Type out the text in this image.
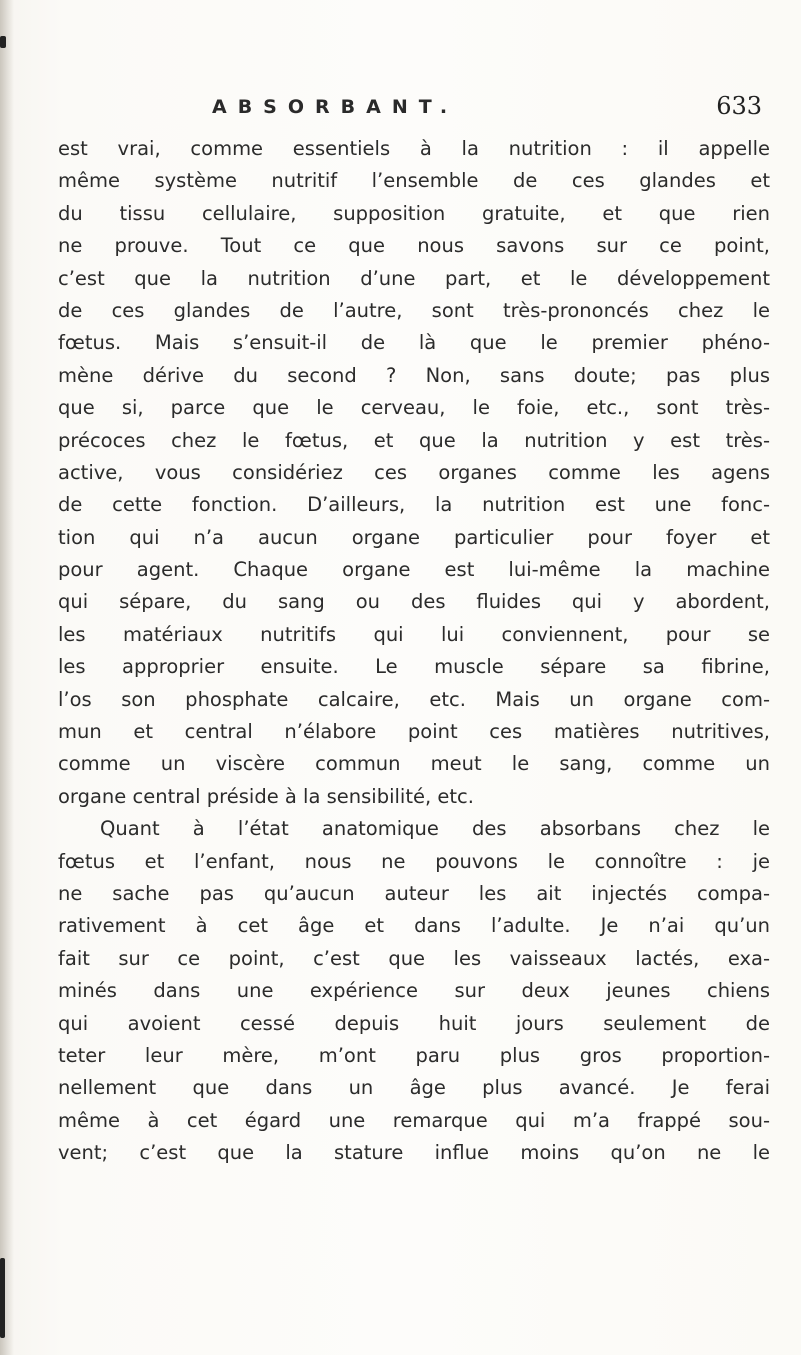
ABSORBANT.	633
est vrai, comme essentiels à la nutrition : il appelle
même système nutritif l’ensemble de ces glandes et
du tissu cellulaire, supposition gratuite, et que rien
ne prouve. Tout ce que nous savons sur ce point,
c’est que la nutrition d’une part, et le développement
de ces glandes de l’autre, sont très-prononcés chez le
fœtus. Mais s’ensuit-il de là que le premier phéno-
mène dérive du second ? Non, sans doute; pas plus
que si, parce que le cerveau, le foie, etc., sont très-
précoces chez le fœtus, et que la nutrition y est très-
active, vous considériez ces organes comme les agens
de cette fonction. D’ailleurs, la nutrition est une fonc-
tion qui n’a aucun organe particulier pour foyer et
pour agent. Chaque organe est lui-même la machine
qui sépare, du sang ou des fluides qui y abordent,
les matériaux nutritifs qui lui conviennent, pour se
les approprier ensuite. Le muscle sépare sa fibrine,
l’os son phosphate calcaire, etc. Mais un organe com-
mun et central n’élabore point ces matières nutritives,
comme un viscère commun meut le sang, comme un
organe central préside à la sensibilité, etc.
Quant à l’état anatomique des absorbans chez le
fœtus et l’enfant, nous ne pouvons le connoître : je
ne sache pas qu’aucun auteur les ait injectés compa-
rativement à cet âge et dans l’adulte. Je n’ai qu’un
fait sur ce point, c’est que les vaisseaux lactés, exa-
minés dans une expérience sur deux jeunes chiens
qui avoient cessé depuis huit jours seulement de
teter leur mère, m’ont paru plus gros proportion-
nellement que dans un âge plus avancé. Je ferai
même à cet égard une remarque qui m’a frappé sou-
vent; c’est que la stature influe moins qu’on ne le
